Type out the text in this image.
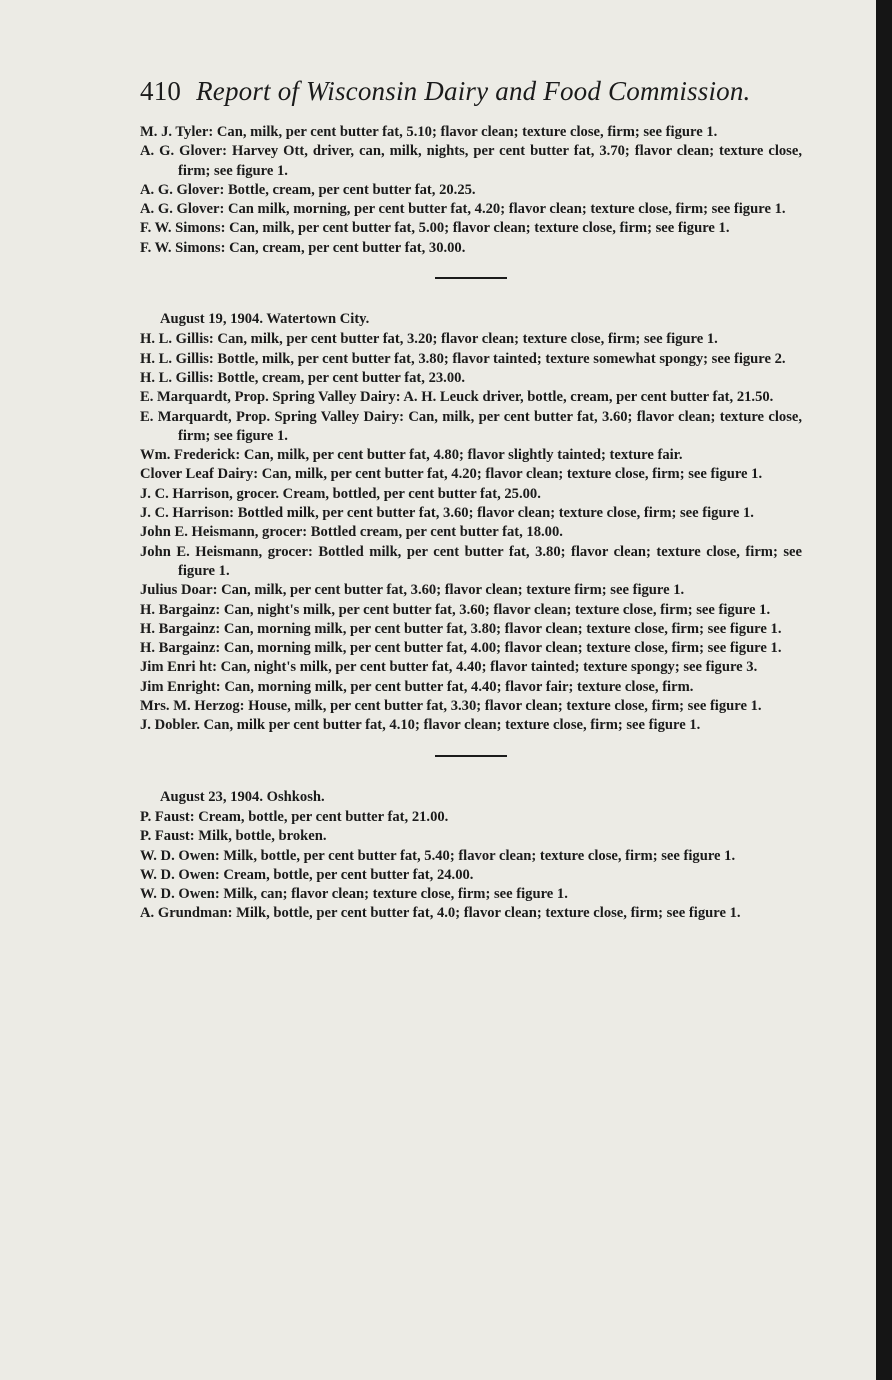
410 Report of Wisconsin Dairy and Food Commission.

M. J. Tyler: Can, milk, per cent butter fat, 5.10; flavor clean; texture close, firm; see figure 1.

A. G. Glover: Harvey Ott, driver, can, milk, nights, per cent butter fat, 3.70; flavor clean; texture close, firm; see figure 1.

A. G. Glover: Bottle, cream, per cent butter fat, 20.25.

A. G. Glover: Can milk, morning, per cent butter fat, 4.20; flavor clean; texture close, firm; see figure 1.

F. W. Simons: Can, milk, per cent butter fat, 5.00; flavor clean; texture close, firm; see figure 1.

F. W. Simons: Can, cream, per cent butter fat, 30.00.

August 19, 1904. Watertown City.

H. L. Gillis: Can, milk, per cent butter fat, 3.20; flavor clean; texture close, firm; see figure 1.

H. L. Gillis: Bottle, milk, per cent butter fat, 3.80; flavor tainted; texture somewhat spongy; see figure 2.

H. L. Gillis: Bottle, cream, per cent butter fat, 23.00.

E. Marquardt, Prop. Spring Valley Dairy: A. H. Leuck driver, bottle, cream, per cent butter fat, 21.50.

E. Marquardt, Prop. Spring Valley Dairy: Can, milk, per cent butter fat, 3.60; flavor clean; texture close, firm; see figure 1.

Wm. Frederick: Can, milk, per cent butter fat, 4.80; flavor slightly tainted; texture fair.

Clover Leaf Dairy: Can, milk, per cent butter fat, 4.20; flavor clean; texture close, firm; see figure 1.

J. C. Harrison, grocer. Cream, bottled, per cent butter fat, 25.00.

J. C. Harrison: Bottled milk, per cent butter fat, 3.60; flavor clean; texture close, firm; see figure 1.

John E. Heismann, grocer: Bottled cream, per cent butter fat, 18.00.

John E. Heismann, grocer: Bottled milk, per cent butter fat, 3.80; flavor clean; texture close, firm; see figure 1.

Julius Doar: Can, milk, per cent butter fat, 3.60; flavor clean; texture firm; see figure 1.

H. Bargainz: Can, night's milk, per cent butter fat, 3.60; flavor clean; texture close, firm; see figure 1.

H. Bargainz: Can, morning milk, per cent butter fat, 3.80; flavor clean; texture close, firm; see figure 1.

H. Bargainz: Can, morning milk, per cent butter fat, 4.00; flavor clean; texture close, firm; see figure 1.

Jim Enri ht: Can, night's milk, per cent butter fat, 4.40; flavor tainted; texture spongy; see figure 3.

Jim Enright: Can, morning milk, per cent butter fat, 4.40; flavor fair; texture close, firm.

Mrs. M. Herzog: House, milk, per cent butter fat, 3.30; flavor clean; texture close, firm; see figure 1.

J. Dobler. Can, milk per cent butter fat, 4.10; flavor clean; texture close, firm; see figure 1.

August 23, 1904. Oshkosh.

P. Faust: Cream, bottle, per cent butter fat, 21.00.

P. Faust: Milk, bottle, broken.

W. D. Owen: Milk, bottle, per cent butter fat, 5.40; flavor clean; texture close, firm; see figure 1.

W. D. Owen: Cream, bottle, per cent butter fat, 24.00.

W. D. Owen: Milk, can; flavor clean; texture close, firm; see figure 1.

A. Grundman: Milk, bottle, per cent butter fat, 4.0; flavor clean; texture close, firm; see figure 1.
